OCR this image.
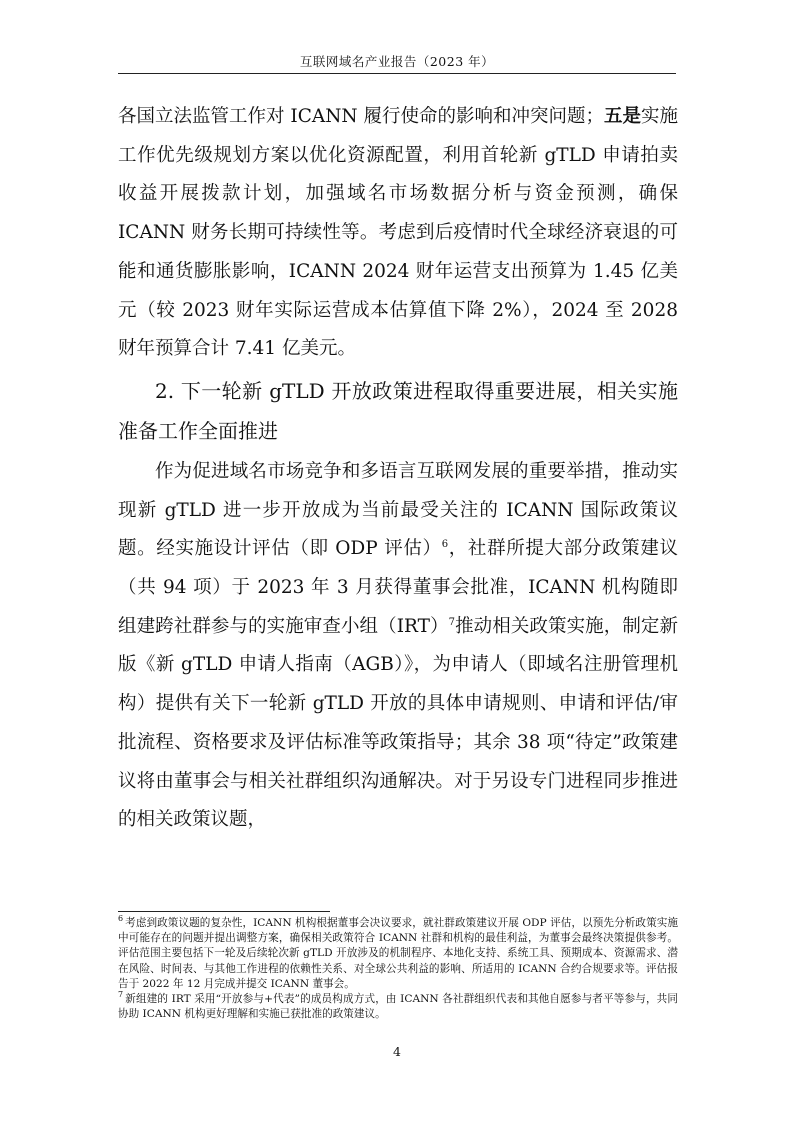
互联网域名产业报告（2023 年）

各国立法监管工作对 ICANN 履行使命的影响和冲突问题；五是实施工作优先级规划方案以优化资源配置，利用首轮新 gTLD 申请拍卖收益开展拨款计划，加强域名市场数据分析与资金预测，确保 ICANN 财务长期可持续性等。考虑到后疫情时代全球经济衰退的可能和通货膨胀影响，ICANN 2024 财年运营支出预算为 1.45 亿美元（较 2023 财年实际运营成本估算值下降 2%），2024 至 2028 财年预算合计 7.41 亿美元。

2. 下一轮新 gTLD 开放政策进程取得重要进展，相关实施准备工作全面推进

作为促进域名市场竞争和多语言互联网发展的重要举措，推动实现新 gTLD 进一步开放成为当前最受关注的 ICANN 国际政策议题。经实施设计评估（即 ODP 评估）$^6$，社群所提大部分政策建议（共 94 项）于 2023 年 3 月获得董事会批准，ICANN 机构随即组建跨社群参与的实施审查小组（IRT）$^7$推动相关政策实施，制定新版《新 gTLD 申请人指南（AGB）》，为申请人（即域名注册管理机构）提供有关下一轮新 gTLD 开放的具体申请规则、申请和评估/审批流程、资格要求及评估标准等政策指导；其余 38 项“待定”政策建议将由董事会与相关社群组织沟通解决。对于另设专门进程同步推进的相关政策议题，

$^6$ 考虑到政策议题的复杂性，ICANN 机构根据董事会决议要求，就社群政策建议开展 ODP 评估，以预先分析政策实施中可能存在的问题并提出调整方案，确保相关政策符合 ICANN 社群和机构的最佳利益，为董事会最终决策提供参考。评估范围主要包括下一轮及后续轮次新 gTLD 开放涉及的机制程序、本地化支持、系统工具、预期成本、资源需求、潜在风险、时间表、与其他工作进程的依赖性关系、对全球公共利益的影响、所适用的 ICANN 合约合规要求等。评估报告于 2022 年 12 月完成并提交 ICANN 董事会。

$^7$ 新组建的 IRT 采用“开放参与+代表”的成员构成方式，由 ICANN 各社群组织代表和其他自愿参与者平等参与，共同协助 ICANN 机构更好理解和实施已获批准的政策建议。

4
